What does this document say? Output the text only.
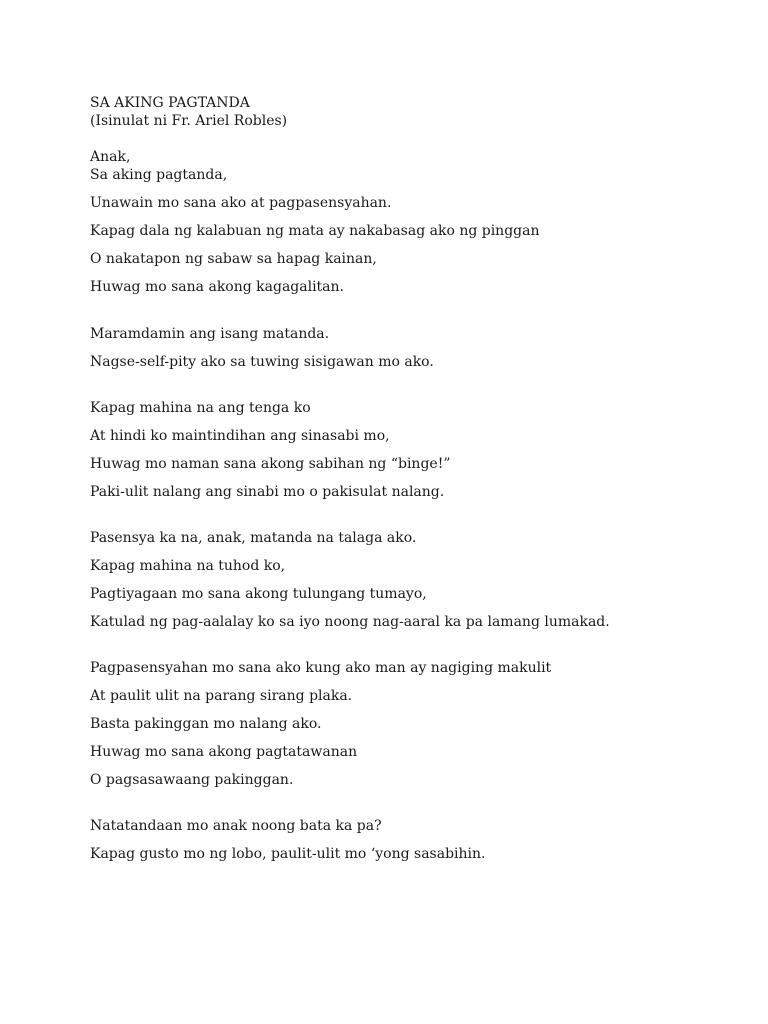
SA AKING PAGTANDA

(Isinulat ni Fr. Ariel Robles)

Anak,

Sa aking pagtanda,

Unawain mo sana ako at pagpasensyahan.

Kapag dala ng kalabuan ng mata ay nakabasag ako ng pinggan

O nakatapon ng sabaw sa hapag kainan,

Huwag mo sana akong kagagalitan.

Maramdamin ang isang matanda.

Nagse-self-pity ako sa tuwing sisigawan mo ako.

Kapag mahina na ang tenga ko

At hindi ko maintindihan ang sinasabi mo,

Huwag mo naman sana akong sabihan ng “binge!”

Paki-ulit nalang ang sinabi mo o pakisulat nalang.

Pasensya ka na, anak, matanda na talaga ako.

Kapag mahina na tuhod ko,

Pagtiyagaan mo sana akong tulungang tumayo,

Katulad ng pag-aalalay ko sa iyo noong nag-aaral ka pa lamang lumakad.

Pagpasensyahan mo sana ako kung ako man ay nagiging makulit

At paulit ulit na parang sirang plaka.

Basta pakinggan mo nalang ako.

Huwag mo sana akong pagtatawanan

O pagsasawaang pakinggan.

Natatandaan mo anak noong bata ka pa?

Kapag gusto mo ng lobo, paulit-ulit mo ‘yong sasabihin.
